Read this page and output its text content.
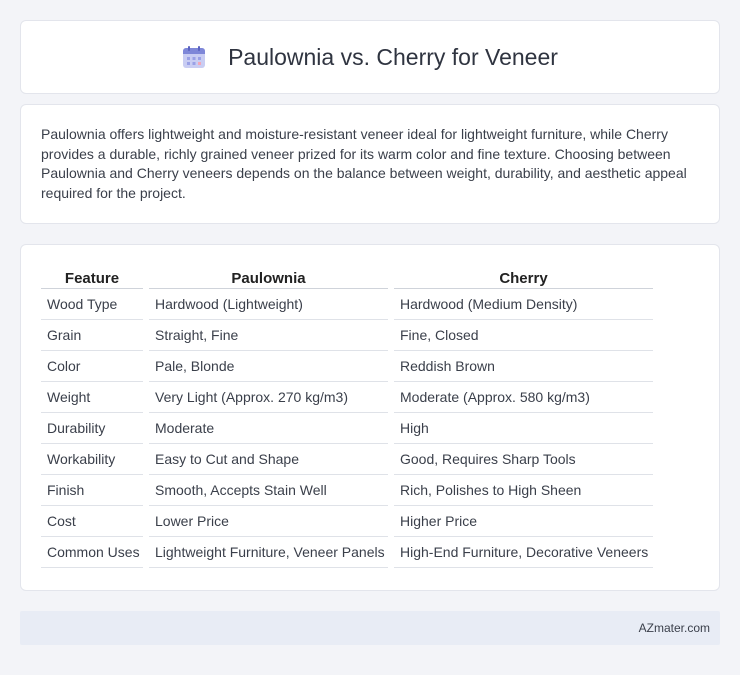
Paulownia vs. Cherry for Veneer

Paulownia offers lightweight and moisture-resistant veneer ideal for lightweight furniture, while Cherry provides a durable, richly grained veneer prized for its warm color and fine texture. Choosing between Paulownia and Cherry veneers depends on the balance between weight, durability, and aesthetic appeal required for the project.

Feature	Paulownia	Cherry
Wood Type	Hardwood (Lightweight)	Hardwood (Medium Density)
Grain	Straight, Fine	Fine, Closed
Color	Pale, Blonde	Reddish Brown
Weight	Very Light (Approx. 270 kg/m3)	Moderate (Approx. 580 kg/m3)
Durability	Moderate	High
Workability	Easy to Cut and Shape	Good, Requires Sharp Tools
Finish	Smooth, Accepts Stain Well	Rich, Polishes to High Sheen
Cost	Lower Price	Higher Price
Common Uses	Lightweight Furniture, Veneer Panels	High-End Furniture, Decorative Veneers
AZmater.com
